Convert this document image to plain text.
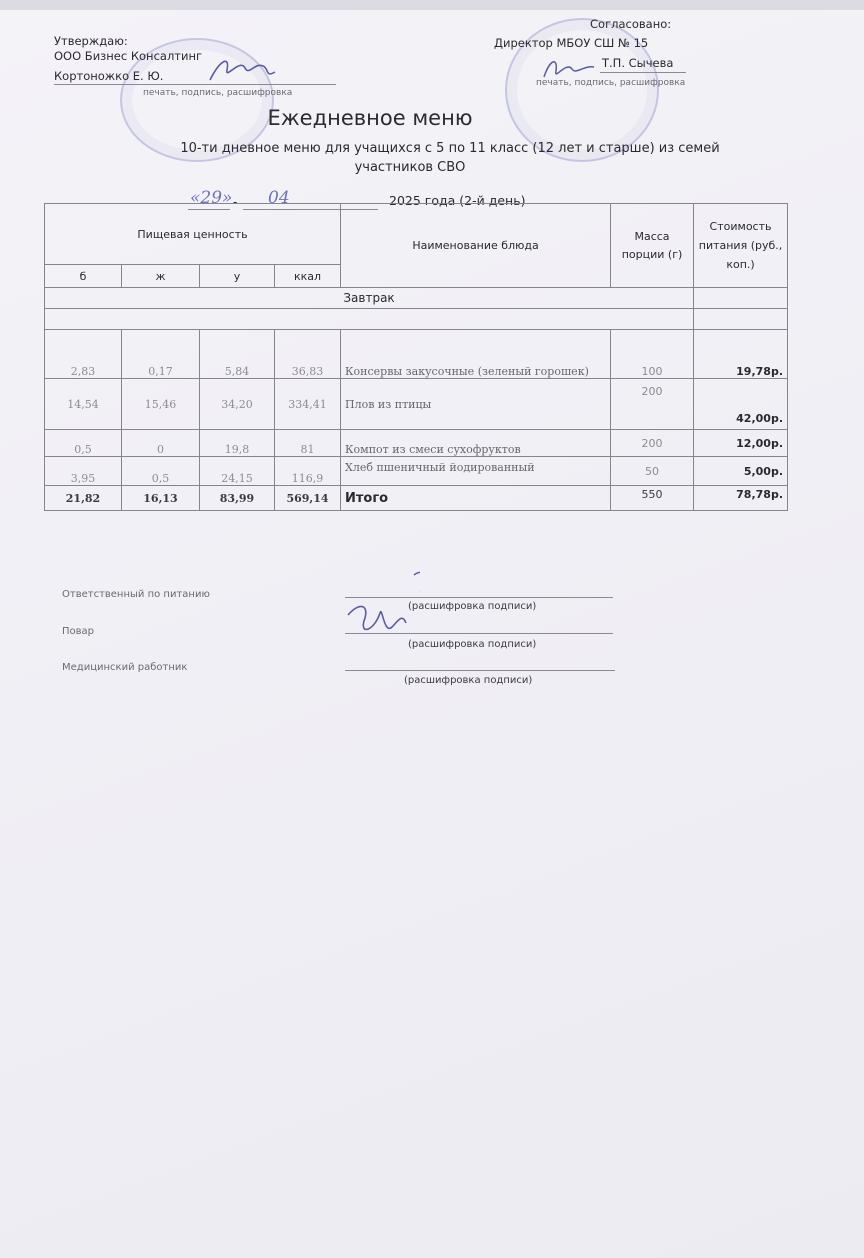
Утверждаю:
ООО Бизнес Консалтинг
Кортоножко Е. Ю.
печать, подпись, расшифровка
Согласовано:
Директор МБОУ СШ № 15
Т.П. Сычева
печать, подпись, расшифровка
Ежедневное меню
10-ти дневное меню для учащихся с 5 по 11 класс (12 лет и старше) из семей
участников СВО
«29» - 04	2025 года (2-й день)
Пищевая ценность				Наименование блюда	Масса порции (г)	Стоимость питания (руб., коп.)
б	ж	у	ккал			
Завтрак						

2,83	0,17	5,84	36,83	Консервы закусочные (зеленый горошек)	100	19,78р.
14,54	15,46	34,20	334,41	Плов из птицы	200	42,00р.
0,5	0	19,8	81	Компот из смеси сухофруктов	200	12,00р.
3,95	0,5	24,15	116,9	Хлеб пшеничный йодированный	50	5,00р.
21,82	16,13	83,99	569,14	Итого	550	78,78р.
Ответственный по питанию
(расшифровка подписи)
Повар
(расшифровка подписи)
Медицинский работник
(расшифровка подписи)
